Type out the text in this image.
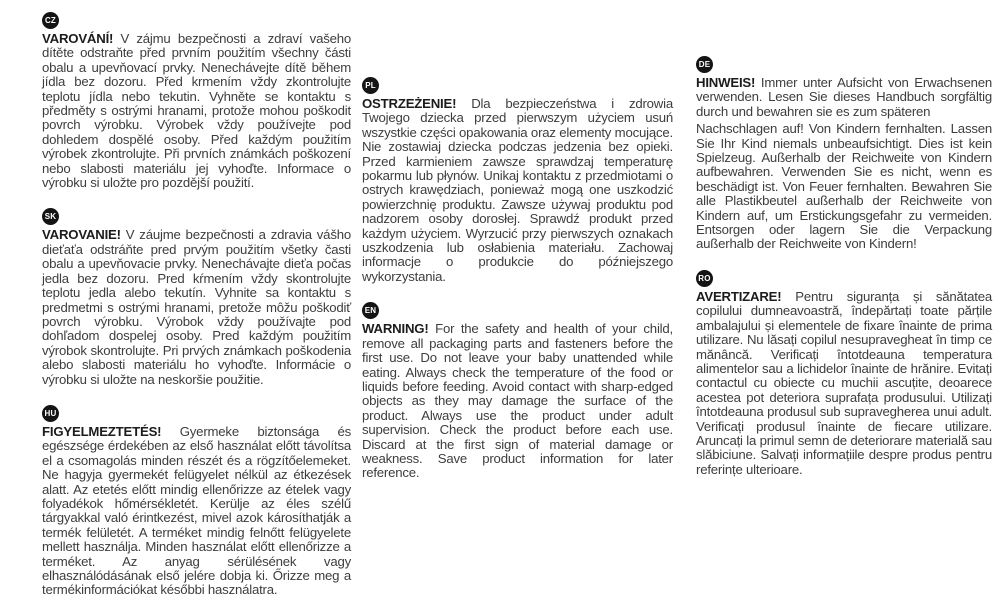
CZ

VAROVÁNÍ! V zájmu bezpečnosti a zdraví vašeho dítěte odstraňte před prvním použitím všechny části obalu a upevňovací prvky. Nenechávejte dítě během jídla bez dozoru. Před krmením vždy zkontrolujte teplotu jídla nebo tekutin. Vyhněte se kontaktu s předměty s ostrými hranami, protože mohou poškodit povrch výrobku. Výrobek vždy používejte pod dohledem dospělé osoby. Před každým použitím výrobek zkontrolujte. Při prvních známkách poškození nebo slabosti materiálu jej vyhoďte. Informace o výrobku si uložte pro pozdější použití.

SK

VAROVANIE! V záujme bezpečnosti a zdravia vášho dieťaťa odstráňte pred prvým použitím všetky časti obalu a upevňovacie prvky. Nenechávajte dieťa počas jedla bez dozoru. Pred kŕmením vždy skontrolujte teplotu jedla alebo tekutín. Vyhnite sa kontaktu s predmetmi s ostrými hranami, pretože môžu poškodiť povrch výrobku. Výrobok vždy používajte pod dohľadom dospelej osoby. Pred každým použitím výrobok skontrolujte. Pri prvých známkach poškodenia alebo slabosti materiálu ho vyhoďte. Informácie o výrobku si uložte na neskoršie použitie.

HU

FIGYELMEZTETÉS! Gyermeke biztonsága és egészsége érdekében az első használat előtt távolítsa el a csomagolás minden részét és a rögzítőelemeket. Ne hagyja gyermekét felügyelet nélkül az étkezések alatt. Az etetés előtt mindig ellenőrizze az ételek vagy folyadékok hőmérsékletét. Kerülje az éles szélű tárgyakkal való érintkezést, mivel azok károsíthatják a termék felületét. A terméket mindig felnőtt felügyelete mellett használja. Minden használat előtt ellenőrizze a terméket. Az anyag sérülésének vagy elhasználódásának első jelére dobja ki. Őrizze meg a termékinformációkat későbbi használatra.

PL

OSTRZEŻENIE! Dla bezpieczeństwa i zdrowia Twojego dziecka przed pierwszym użyciem usuń wszystkie części opakowania oraz elementy mocujące. Nie zostawiaj dziecka podczas jedzenia bez opieki. Przed karmieniem zawsze sprawdzaj temperaturę pokarmu lub płynów. Unikaj kontaktu z przedmiotami o ostrych krawędziach, ponieważ mogą one uszkodzić powierzchnię produktu. Zawsze używaj produktu pod nadzorem osoby dorosłej. Sprawdź produkt przed każdym użyciem. Wyrzucić przy pierwszych oznakach uszkodzenia lub osłabienia materiału. Zachowaj informacje o produkcie do późniejszego wykorzystania.

EN

WARNING! For the safety and health of your child, remove all packaging parts and fasteners before the first use. Do not leave your baby unattended while eating. Always check the temperature of the food or liquids before feeding. Avoid contact with sharp-edged objects as they may damage the surface of the product. Always use the product under adult supervision. Check the product before each use. Discard at the first sign of material damage or weakness. Save product information for later reference.

DE

HINWEIS! Immer unter Aufsicht von Erwachsenen verwenden. Lesen Sie dieses Handbuch sorgfältig durch und bewahren sie es zum späteren

Nachschlagen auf! Von Kindern fernhalten. Lassen Sie Ihr Kind niemals unbeaufsichtigt. Dies ist kein Spielzeug. Außerhalb der Reichweite von Kindern aufbewahren. Verwenden Sie es nicht, wenn es beschädigt ist. Von Feuer fernhalten. Bewahren Sie alle Plastikbeutel außerhalb der Reichweite von Kindern auf, um Erstickungsgefahr zu vermeiden. Entsorgen oder lagern Sie die Verpackung außerhalb der Reichweite von Kindern!

RO

AVERTIZARE! Pentru siguranța și sănătatea copilului dumneavoastră, îndepărtați toate părțile ambalajului și elementele de fixare înainte de prima utilizare. Nu lăsați copilul nesupravegheat în timp ce mănâncă. Verificați întotdeauna temperatura alimentelor sau a lichidelor înainte de hrănire. Evitați contactul cu obiecte cu muchii ascuțite, deoarece acestea pot deteriora suprafața produsului. Utilizați întotdeauna produsul sub supravegherea unui adult. Verificați produsul înainte de fiecare utilizare. Aruncați la primul semn de deteriorare materială sau slăbiciune. Salvați informațiile despre produs pentru referințe ulterioare.
